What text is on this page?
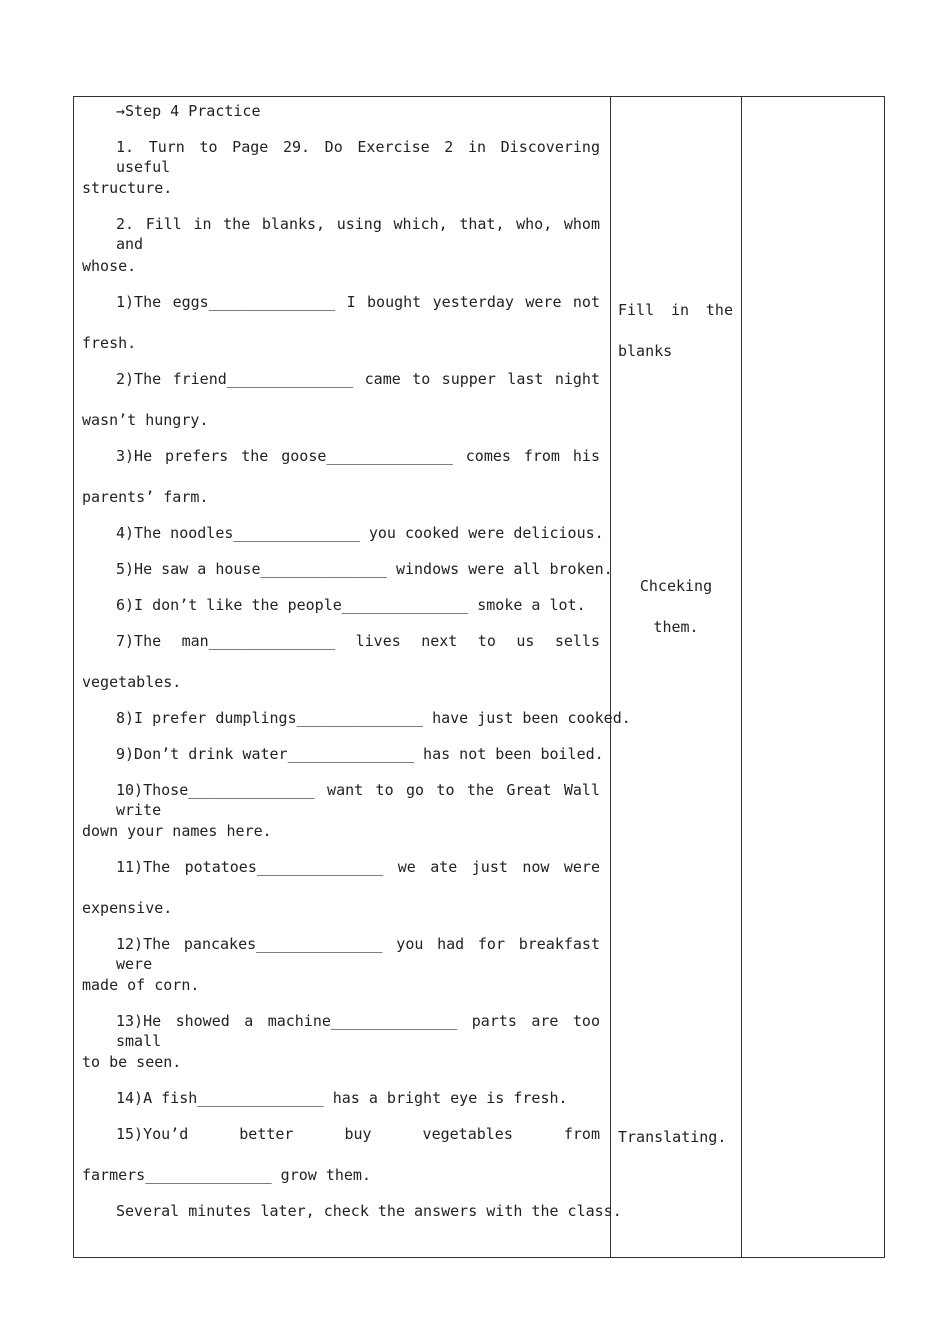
→Step 4 Practice
1. Turn to Page 29. Do Exercise 2 in Discovering useful
structure.
2. Fill in the blanks, using which, that, who, whom and
whose.
1)The eggs______________ I bought yesterday were not
fresh.
2)The friend______________ came to supper last night
wasn’t hungry.
3)He prefers the goose______________ comes from his
parents’ farm.
4)The noodles______________ you cooked were delicious.
5)He saw a house______________ windows were all broken.
6)I don’t like the people______________ smoke a lot.
7)The man______________ lives next to us sells
vegetables.
8)I prefer dumplings______________ have just been cooked.
9)Don’t drink water______________ has not been boiled.
10)Those______________ want to go to the Great Wall write
down your names here.
11)The potatoes______________ we ate just now were
expensive.
12)The pancakes______________ you had for breakfast were
made of corn.
13)He showed a machine______________ parts are too small
to be seen.
14)A fish______________ has a bright eye is fresh.
15)You’d better buy vegetables from
farmers______________ grow them.
Several minutes later, check the answers with the class.
Fill in the
blanks
Chceking
them.
Translating.
